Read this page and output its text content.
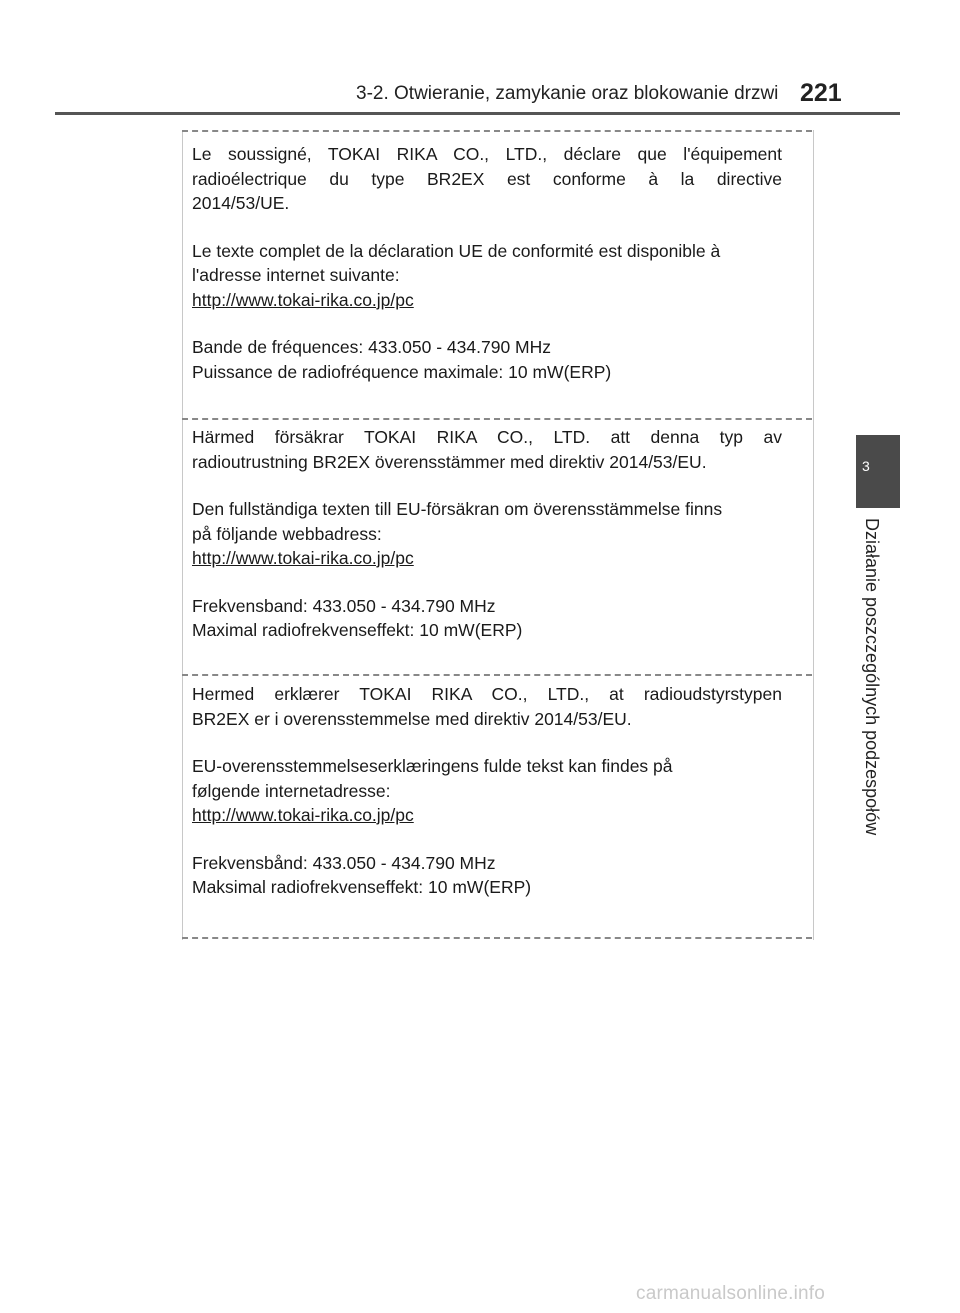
3-2. Otwieranie, zamykanie oraz blokowanie drzwi 221
3
Działanie poszczególnych podzespołów

Le soussigné, TOKAI RIKA CO., LTD., déclare que l'équipement

radioélectrique du type BR2EX est conforme à la directive

2014/53/UE.

Le texte complet de la déclaration UE de conformité est disponible à

l'adresse internet suivante:

http://www.tokai-rika.co.jp/pc

Bande de fréquences: 433.050 - 434.790 MHz

Puissance de radiofréquence maximale: 10 mW(ERP)

Härmed försäkrar TOKAI RIKA CO., LTD. att denna typ av

radioutrustning BR2EX överensstämmer med direktiv 2014/53/EU.

Den fullständiga texten till EU-försäkran om överensstämmelse finns

på följande webbadress:

http://www.tokai-rika.co.jp/pc

Frekvensband: 433.050 - 434.790 MHz

Maximal radiofrekvenseffekt: 10 mW(ERP)

Hermed erklærer TOKAI RIKA CO., LTD., at radioudstyrstypen

BR2EX er i overensstemmelse med direktiv 2014/53/EU.

EU-overensstemmelseserklæringens fulde tekst kan findes på

følgende internetadresse:

http://www.tokai-rika.co.jp/pc

Frekvensbånd: 433.050 - 434.790 MHz

Maksimal radiofrekvenseffekt: 10 mW(ERP)

carmanualsonline.info
